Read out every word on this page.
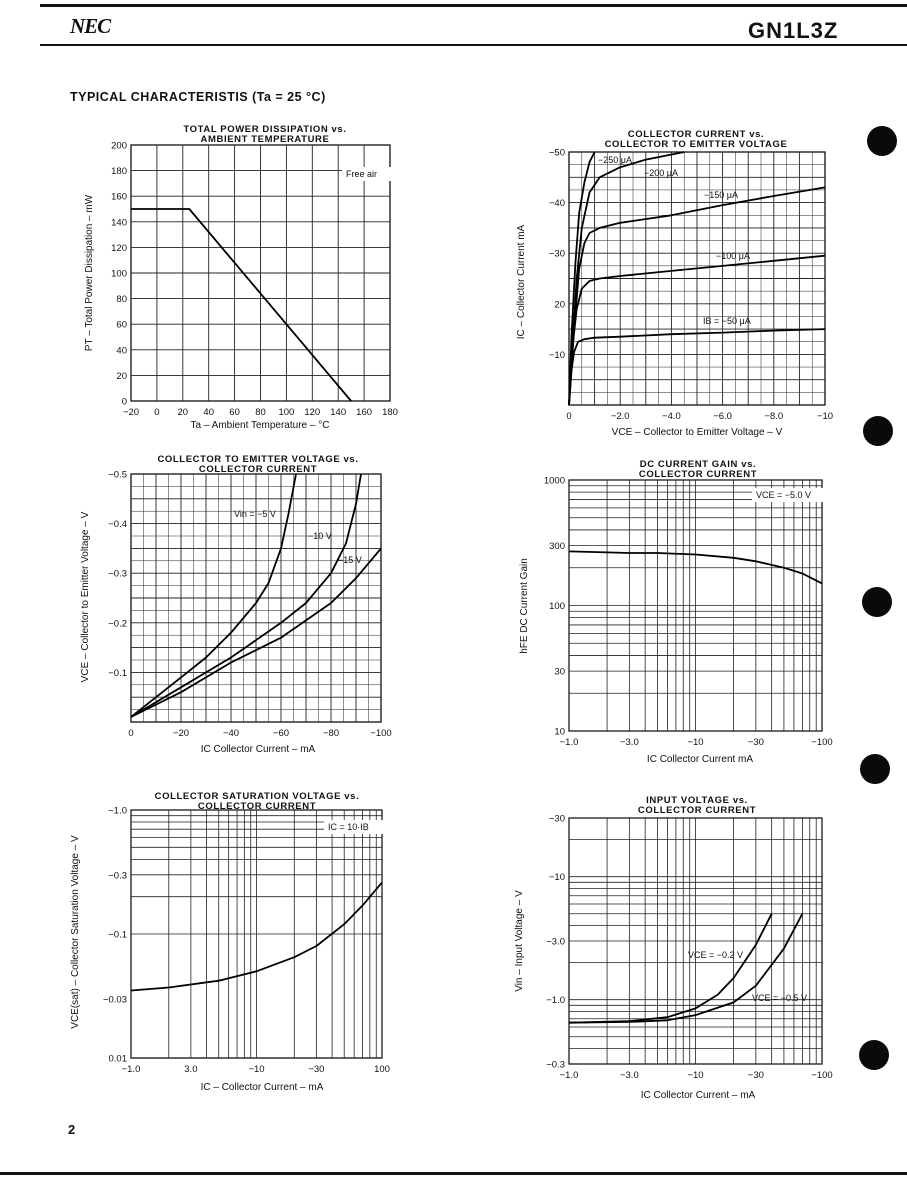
NEC	GN1L3Z
TYPICAL CHARACTERISTIS (Ta = 25 °C)
−20 0 20 40 60 80 100 120 140 160 180
0
20
40
60
80
100
120
140
160
180
200
TOTAL POWER DISSIPATION vs. AMBIENT TEMPERATURE
Ta – Ambient Temperature – °C
PT – Total Power Dissipation – mW
Free air
0	−2.0	−4.0	−6.0	−8.0	−10
−50
−40
−30
20
−10
COLLECTOR CURRENT vs. COLLECTOR TO EMITTER VOLTAGE
VCE – Collector to Emitter Voltage – V
IC – Collector Current mA
−250 μA
−200 μA
−150 μA
−100 μA
IB = −50 μA
0	−20	−40	−60	−80	−100
−0.5
−0.4
−0.3
−0.2
−0.1
COLLECTOR TO EMITTER VOLTAGE vs. COLLECTOR CURRENT
IC Collector Current – mA
VCE – Collector to Emitter Voltage – V	Vin = −5 V
−10 V
−15 V
−1.0	−3.0	−10	−30	−100
1000
300
100
30
10
DC CURRENT GAIN vs. COLLECTOR CURRENT
IC Collector Current mA
hFE DC Current Gain
VCE = −5.0 V
−1.0	3.0	−10	−30	100
−1.0
−0.3
−0.1
−0.03
0.01
COLLECTOR SATURATION VOLTAGE vs. COLLECTOR CURRENT
IC – Collector Current – mA
VCE(sat) – Collector Saturation Voltage – V
IC = 10·IB
−1.0	−3.0	−10	−30	−100
−30
−10
−3.0
−1.0
−0.3
INPUT VOLTAGE vs. COLLECTOR CURRENT
IC Collector Current – mA
Vin – Input Voltage – V	VCE = −0.2 V
VCE = −0.5 V
2
